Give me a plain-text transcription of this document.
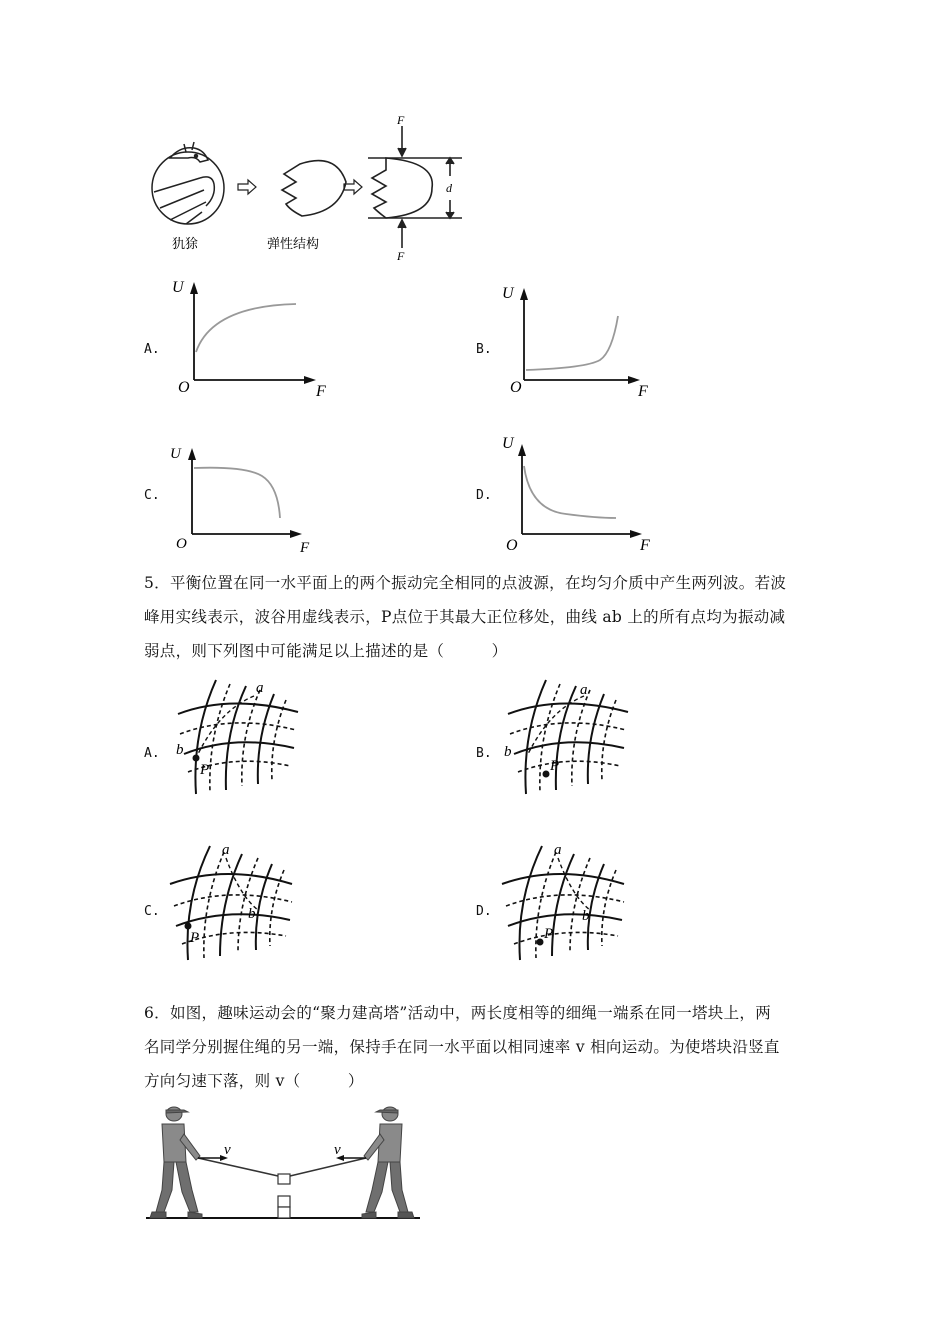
犰狳	弹性结构
F
F
d
A.
U
O	F
B.
U
O	F
C.
U
O	F
D.
U
O	F
5．平衡位置在同一水平面上的两个振动完全相同的点波源，在均匀介质中产生两列波。若波
峰用实线表示，波谷用虚线表示，P点位于其最大正位移处，曲线 ab 上的所有点均为振动减
弱点，则下列图中可能满足以上描述的是（　　　）
A.
a
b
P
B.
a
b
P
C.
a
b
P
D.
a
b
P
6．如图，趣味运动会的“聚力建高塔”活动中，两长度相等的细绳一端系在同一塔块上，两
名同学分别握住绳的另一端，保持手在同一水平面以相同速率 v 相向运动。为使塔块沿竖直
方向匀速下落，则 v（　　　）
v	v
